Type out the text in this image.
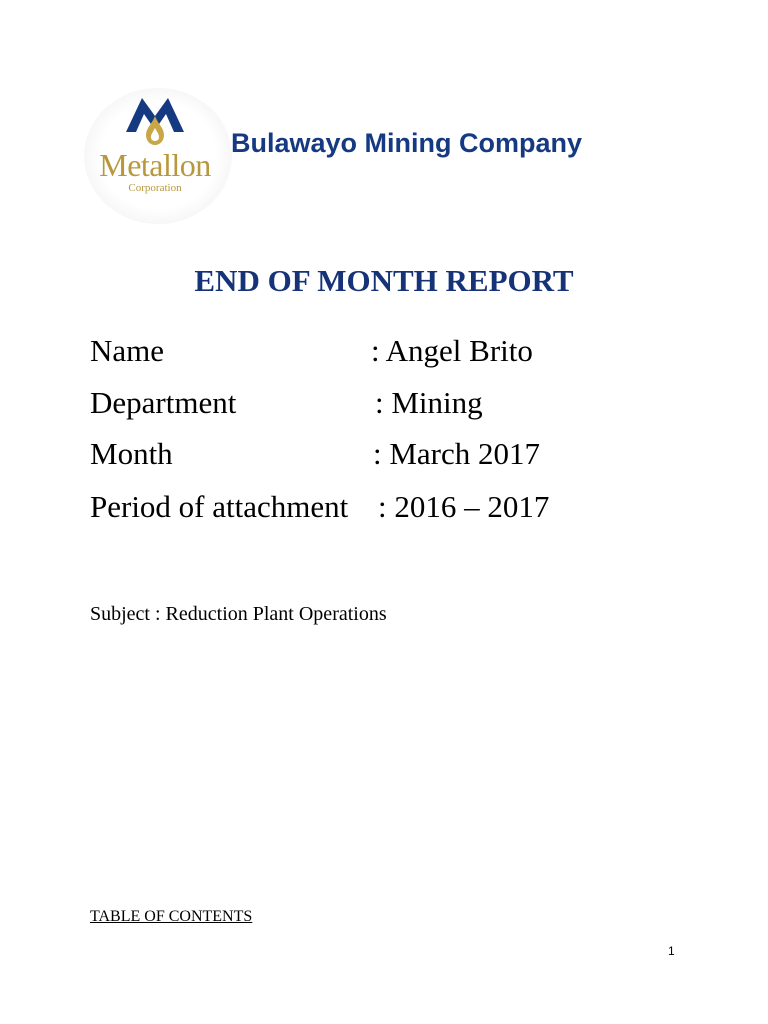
Metallon
Corporation
Bulawayo Mining Company
END OF MONTH REPORT
Name	: Angel Brito
Department	: Mining
Month	: March 2017
Period of attachment : 2016 – 2017
Subject : Reduction Plant Operations
TABLE OF CONTENTS
1
